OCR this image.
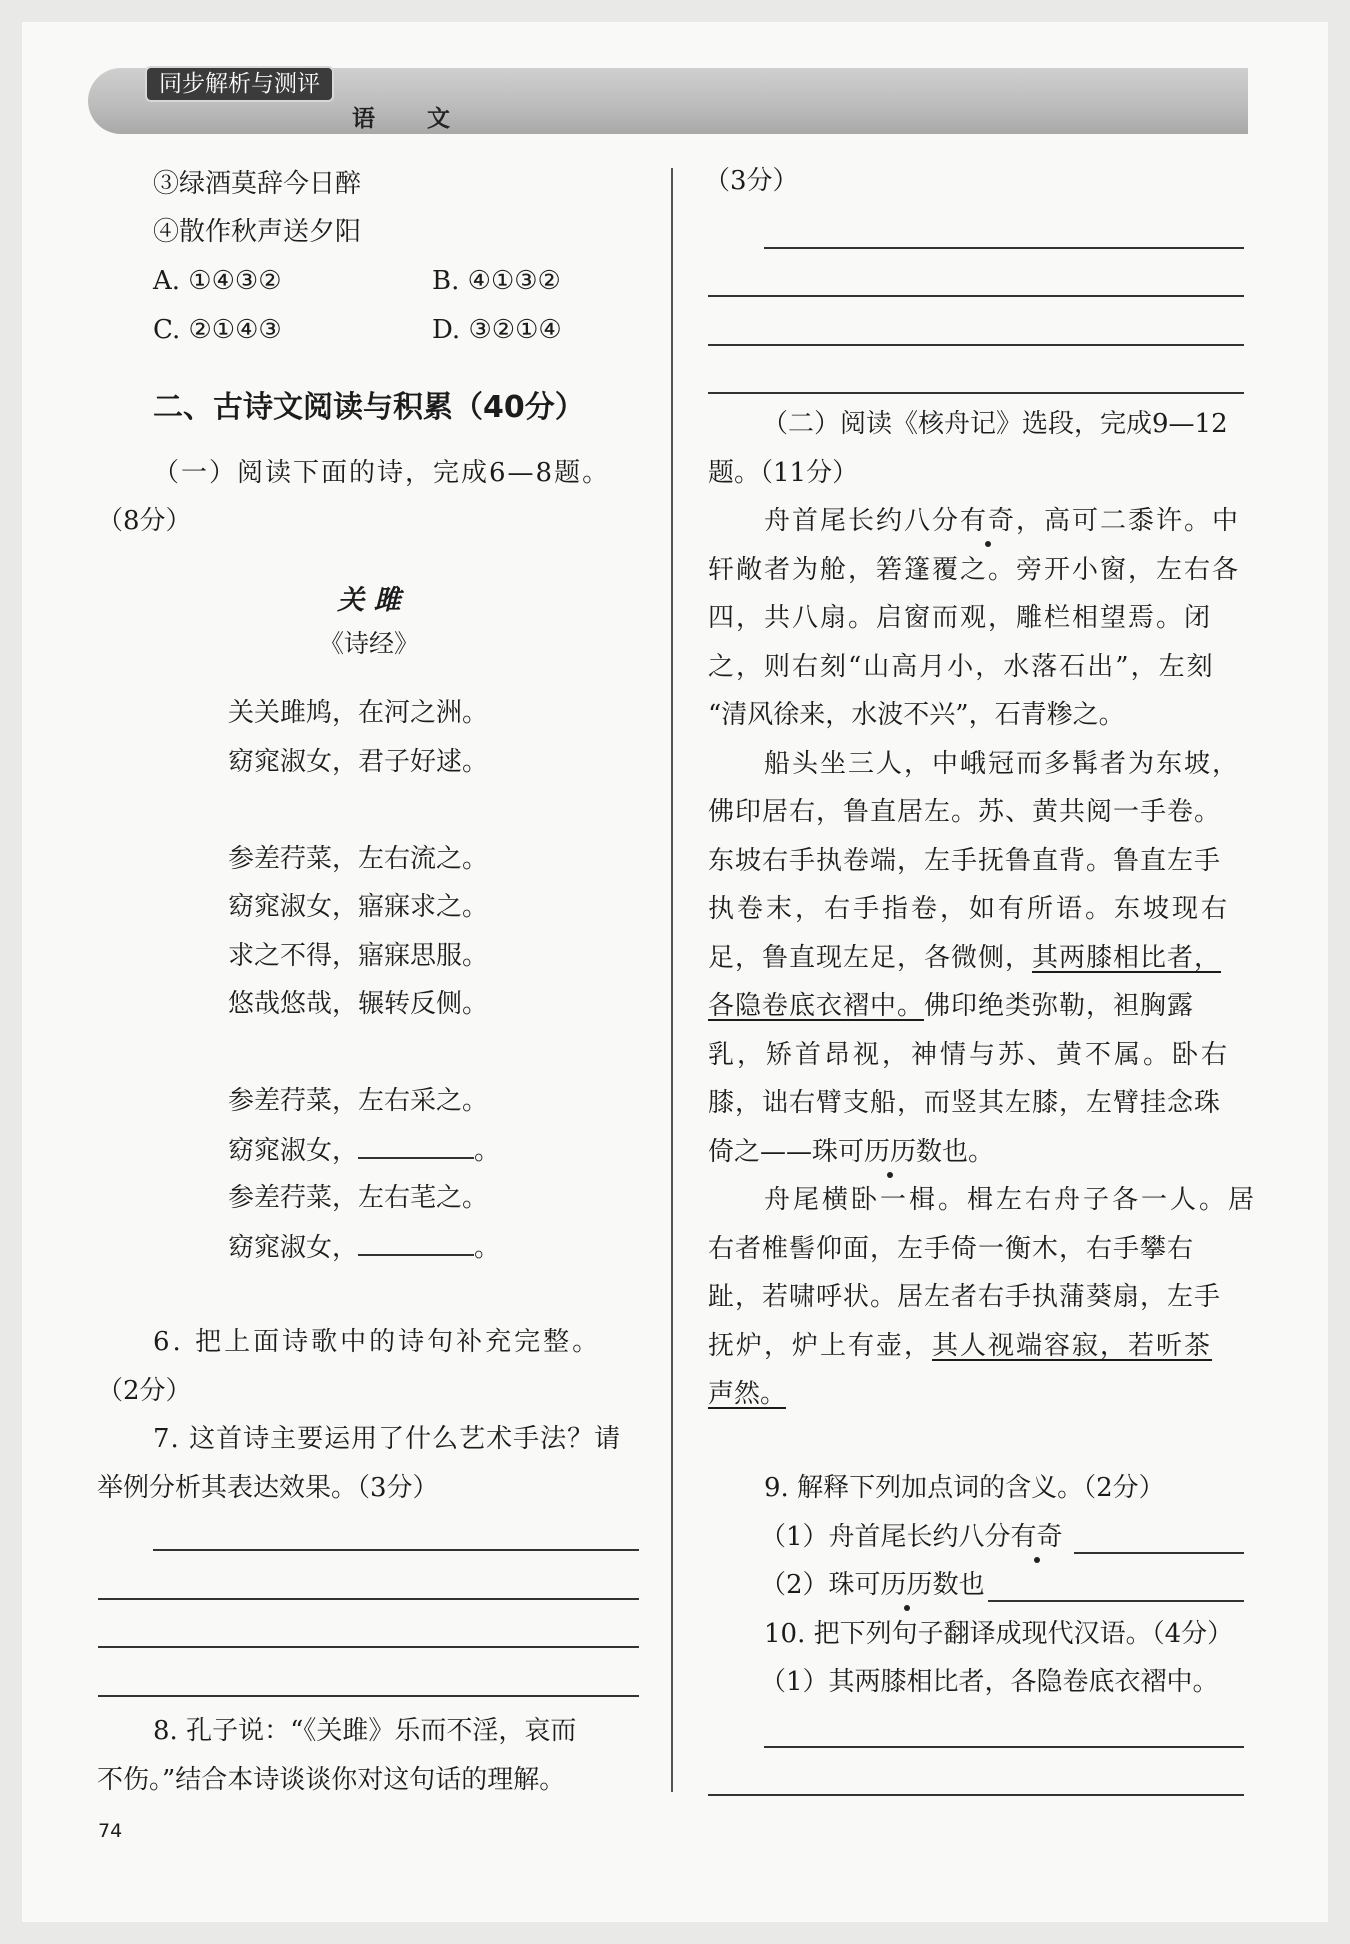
同步解析与测评
语 文
③绿酒莫辞今日醉
④散作秋声送夕阳
A. ①④③②	B. ④①③②
C. ②①④③	D. ③②①④
二、古诗文阅读与积累（40分）
（一）阅读下面的诗，完成6—8题。
（8分）
关 雎
《诗经》
关关雎鸠，在河之洲。
窈窕淑女，君子好逑。
参差荇菜，左右流之。
窈窕淑女，寤寐求之。
求之不得，寤寐思服。
悠哉悠哉，辗转反侧。
参差荇菜，左右采之。
窈窕淑女，	。
参差荇菜，左右芼之。
窈窕淑女，	。
6. 把上面诗歌中的诗句补充完整。
（2分）
7. 这首诗主要运用了什么艺术手法？请
举例分析其表达效果。（3分）
8. 孔子说：“《关雎》乐而不淫，哀而
不伤。”结合本诗谈谈你对这句话的理解。
74
（3分）
（二）阅读《核舟记》选段，完成9—12
题。（11分）
舟首尾长约八分有奇，高可二黍许。中
轩敞者为舱，箬篷覆之。旁开小窗，左右各
四，共八扇。启窗而观，雕栏相望焉。闭
之，则右刻“山高月小，水落石出”，左刻
“清风徐来，水波不兴”，石青糁之。
船头坐三人，中峨冠而多髯者为东坡，
佛印居右，鲁直居左。苏、黄共阅一手卷。
东坡右手执卷端，左手抚鲁直背。鲁直左手
执卷末，右手指卷，如有所语。东坡现右
足，鲁直现左足，各微侧，其两膝相比者，
各隐卷底衣褶中。佛印绝类弥勒，袒胸露
乳，矫首昂视，神情与苏、黄不属。卧右
膝，诎右臂支船，而竖其左膝，左臂挂念珠
倚之——珠可历历数也。
舟尾横卧一楫。楫左右舟子各一人。居
右者椎髻仰面，左手倚一衡木，右手攀右
趾，若啸呼状。居左者右手执蒲葵扇，左手
抚炉，炉上有壶，其人视端容寂，若听茶
声然。
9. 解释下列加点词的含义。（2分）
（1）舟首尾长约八分有奇
（2）珠可历历数也
10. 把下列句子翻译成现代汉语。（4分）
（1）其两膝相比者，各隐卷底衣褶中。
